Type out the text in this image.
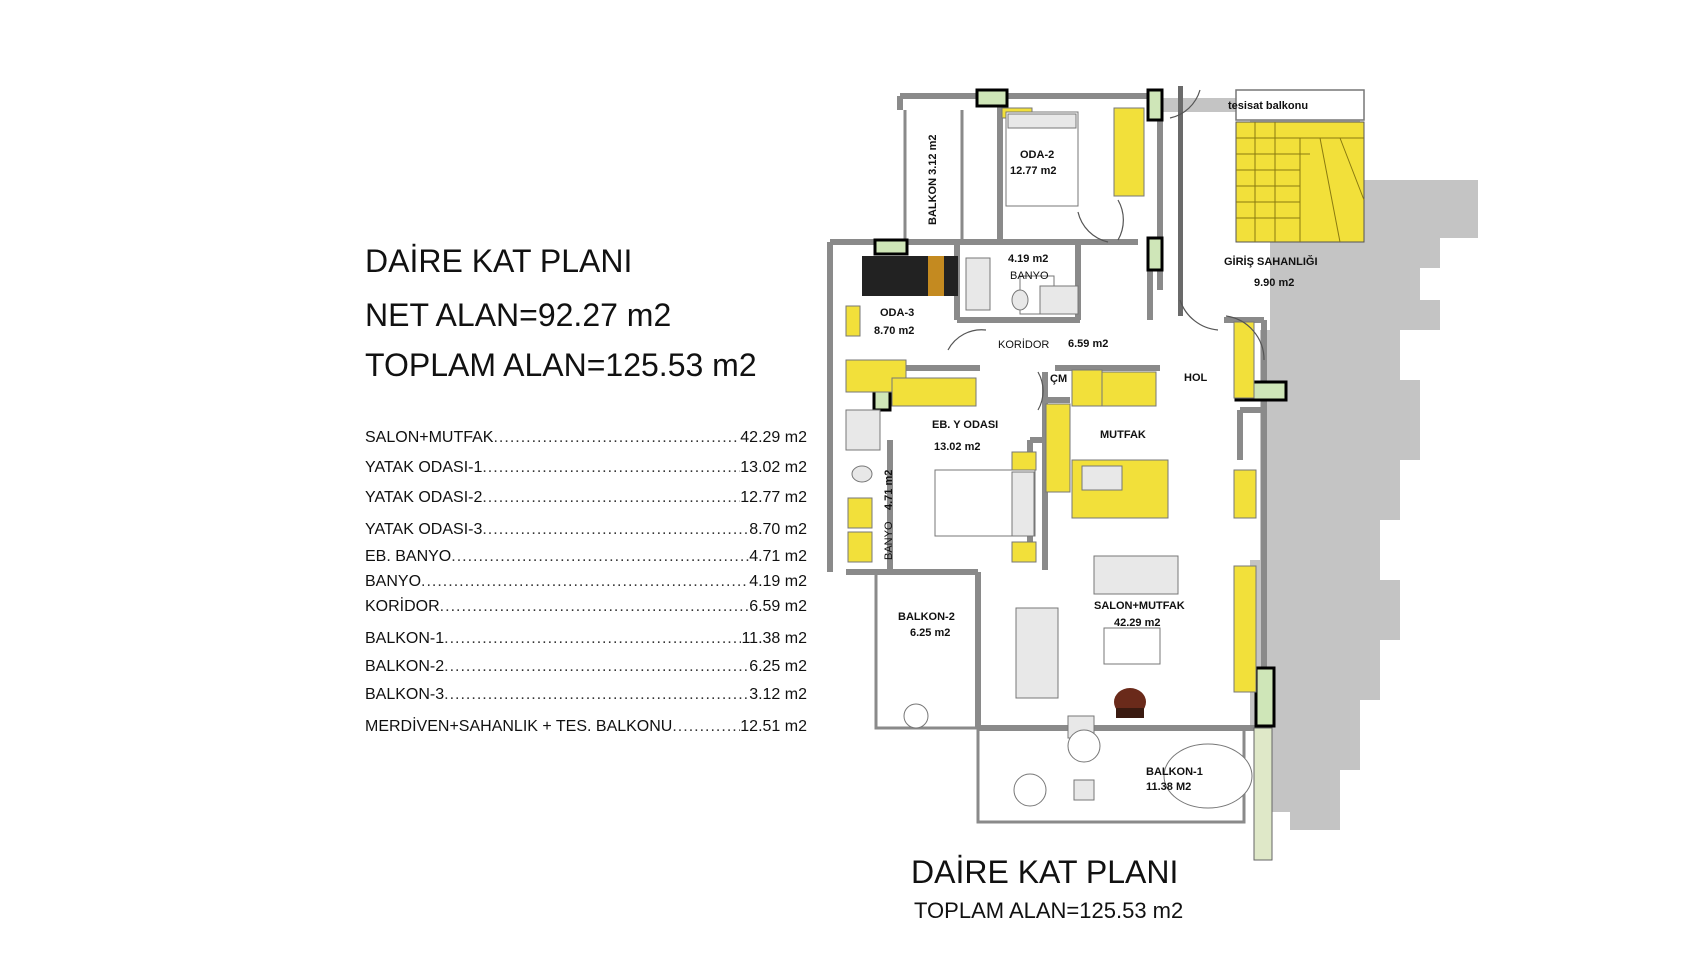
DAİRE KAT PLANI
NET ALAN=92.27 m2
TOPLAM ALAN=125.53 m2
SALON+MUTFAK .....	42.29 m2
YATAK ODASI-1 .....	13.02 m2
YATAK ODASI-2 .....	12.77 m2
YATAK ODASI-3 .....	8.70 m2
EB. BANYO .....	4.71 m2
BANYO .....	4.19 m2
KORİDOR .....	6.59 m2
BALKON-1 .....	11.38 m2
BALKON-2 .....	6.25 m2
BALKON-3 .....	3.12 m2
MERDİVEN+SAHANLIK + TES. BALKONU .....	12.51 m2
ODA-2
12.77 m2
BALKON 3.12 m2
tesisat balkonu
GİRİŞ SAHANLIĞI
9.90 m2
4.19 m2
BANYO
ODA-3
8.70 m2
KORİDOR 6.59 m2
ÇM	HOL
EB. Y ODASI
13.02 m2
MUTFAK
4.71 m2
BANYO
SALON+MUTFAK
42.29 m2
BALKON-2
6.25 m2
BALKON-1
11.38 M2
DAİRE KAT PLANI
TOPLAM ALAN=125.53 m2
